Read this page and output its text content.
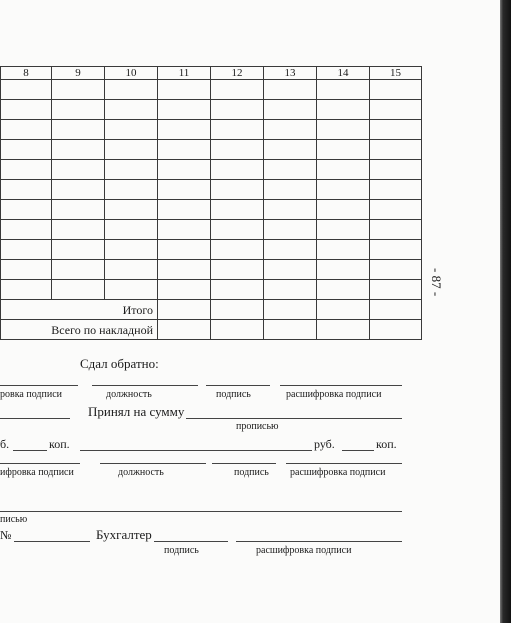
8	9	10	11	12	13	14	15

Итого							
Всего по накладной							
- 87 -
Сдал обратно:
ровка подписи	должность	подпись	расшифровка подписи
Принял на сумму
прописью
б.	коп.	руб.	коп.
ифровка подписи	должность	подпись расшифровка подписи
писью
№	Бухгалтер
подпись	расшифровка подписи
